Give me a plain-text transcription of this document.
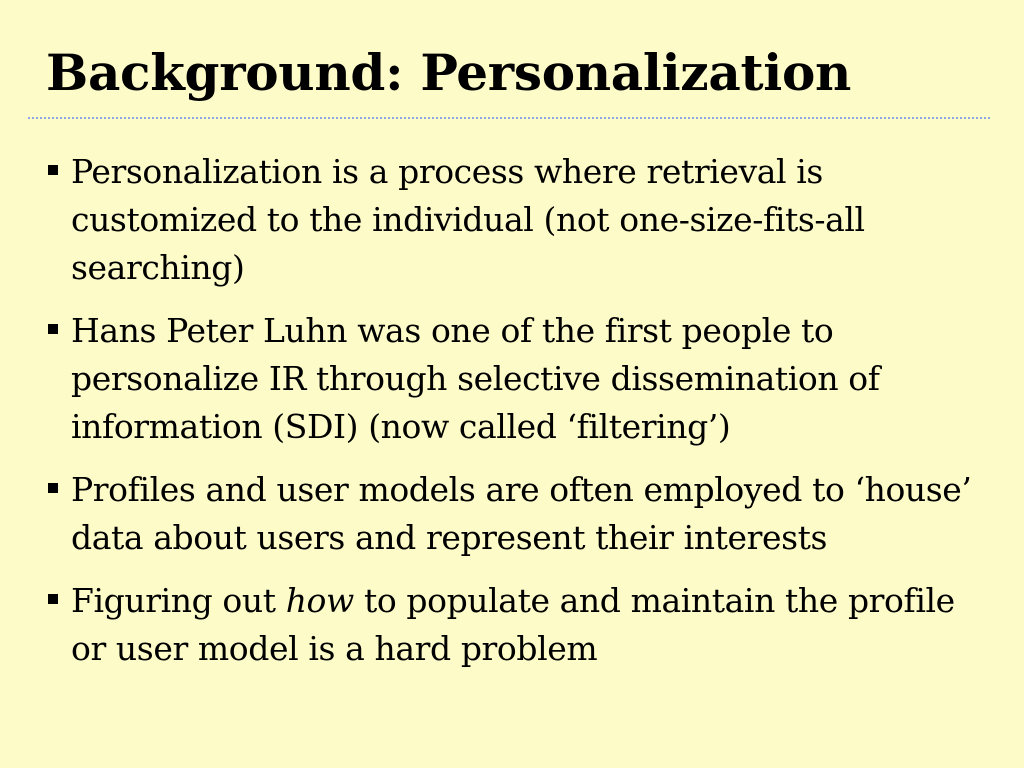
Background: Personalization
Personalization is a process where retrieval is customized to the individual (not one-size-fits-all searching)
Hans Peter Luhn was one of the first people to personalize IR through selective dissemination of information (SDI) (now called ‘filtering’)
Profiles and user models are often employed to ‘house’ data about users and represent their interests
Figuring out how to populate and maintain the profile or user model is a hard problem
